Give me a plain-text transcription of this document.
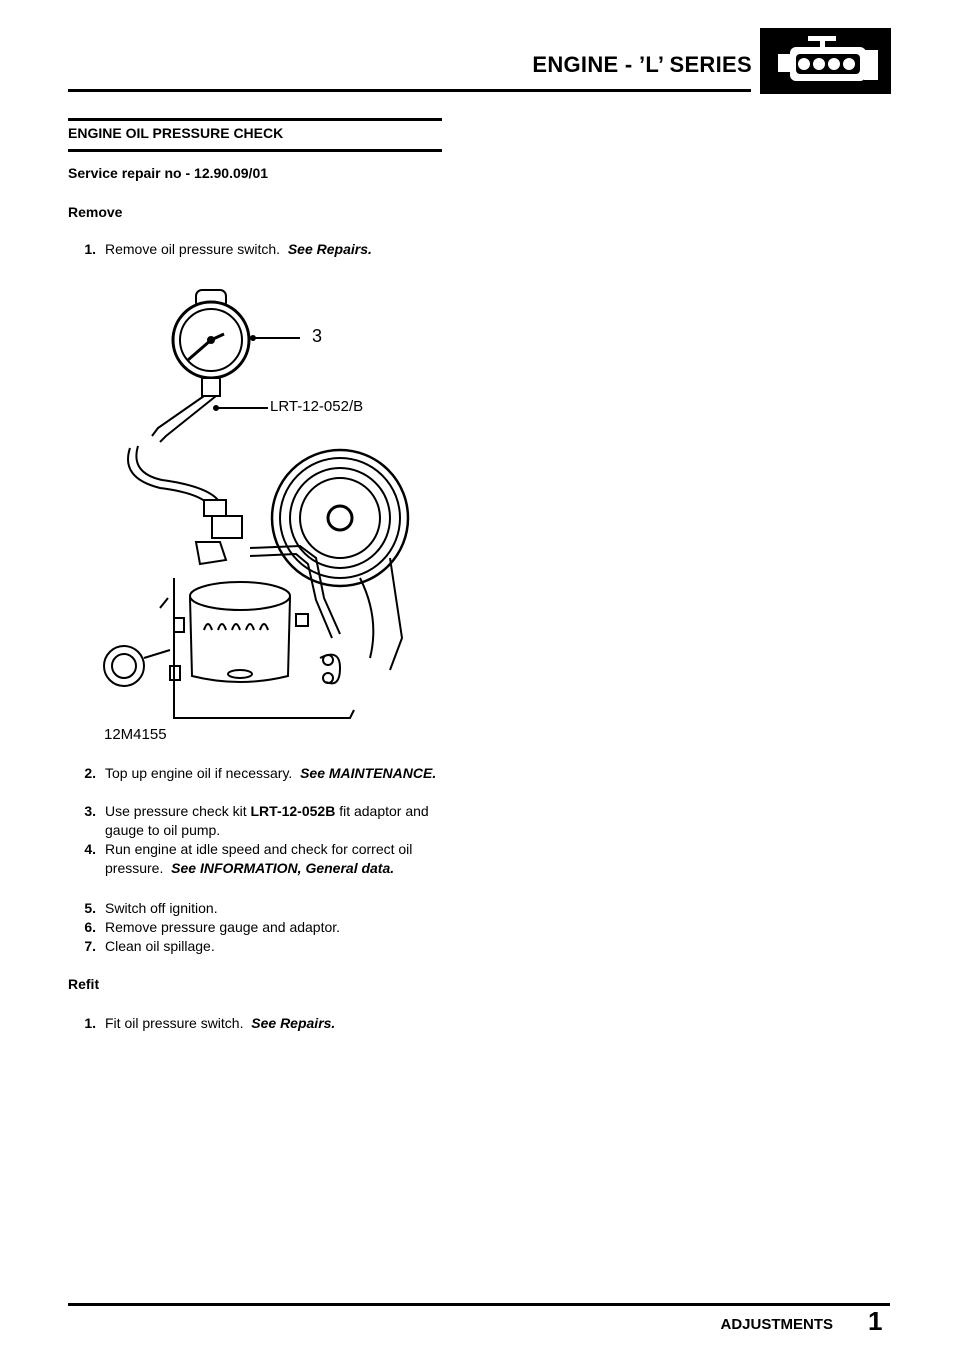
ENGINE - ’L’ SERIES
ENGINE OIL PRESSURE CHECK
Service repair no - 12.90.09/01
Remove
1. Remove oil pressure switch. See Repairs.
3
LRT-12-052/B
12M4155
2. Top up engine oil if necessary. See MAINTENANCE.
3. Use pressure check kit LRT-12-052B fit adaptor and gauge to oil pump.
4. Run engine at idle speed and check for correct oil pressure. See INFORMATION, General data.
5. Switch off ignition.
6. Remove pressure gauge and adaptor.
7. Clean oil spillage.
Refit
1. Fit oil pressure switch. See Repairs.
ADJUSTMENTS 1
